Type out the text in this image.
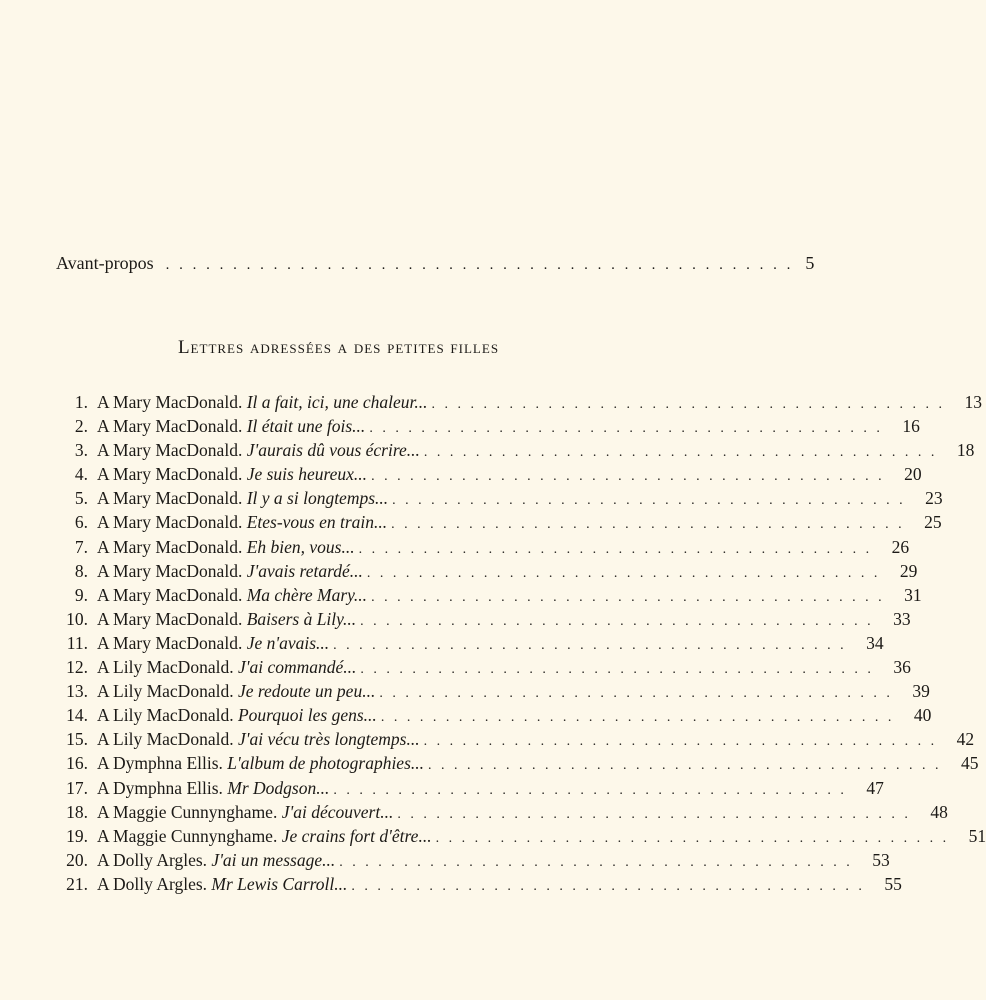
Avant-propos . . . . . . . . . . . . . . . . . . . . . . . . . . . . . . . . . . . . . . . . . . . . . . . 5
Lettres adressées a des petites filles
1. A Mary MacDonald. Il a fait, ici, une chaleur... . . . . . . . . . . . . . . . . . . . . . . . . . . . . . . . . . . . . . . . .	13
2. A Mary MacDonald. Il était une fois... . . . . . . . . . . . . . . . . . . . . . . . . . . . . . . . . . . . . . . . .	16
3. A Mary MacDonald. J'aurais dû vous écrire... . . . . . . . . . . . . . . . . . . . . . . . . . . . . . . . . . . . . . . . .	18
4. A Mary MacDonald. Je suis heureux... . . . . . . . . . . . . . . . . . . . . . . . . . . . . . . . . . . . . . . . .	20
5. A Mary MacDonald. Il y a si longtemps... . . . . . . . . . . . . . . . . . . . . . . . . . . . . . . . . . . . . . . . .	23
6. A Mary MacDonald. Etes-vous en train... . . . . . . . . . . . . . . . . . . . . . . . . . . . . . . . . . . . . . . . .	25
7. A Mary MacDonald. Eh bien, vous... . . . . . . . . . . . . . . . . . . . . . . . . . . . . . . . . . . . . . . . .	26
8. A Mary MacDonald. J'avais retardé... . . . . . . . . . . . . . . . . . . . . . . . . . . . . . . . . . . . . . . . .	29
9. A Mary MacDonald. Ma chère Mary... . . . . . . . . . . . . . . . . . . . . . . . . . . . . . . . . . . . . . . . .	31
10. A Mary MacDonald. Baisers à Lily... . . . . . . . . . . . . . . . . . . . . . . . . . . . . . . . . . . . . . . . .	33
11. A Mary MacDonald. Je n'avais... . . . . . . . . . . . . . . . . . . . . . . . . . . . . . . . . . . . . . . . .	34
12. A Lily MacDonald. J'ai commandé... . . . . . . . . . . . . . . . . . . . . . . . . . . . . . . . . . . . . . . . .	36
13. A Lily MacDonald. Je redoute un peu... . . . . . . . . . . . . . . . . . . . . . . . . . . . . . . . . . . . . . . . .	39
14. A Lily MacDonald. Pourquoi les gens... . . . . . . . . . . . . . . . . . . . . . . . . . . . . . . . . . . . . . . . .	40
15. A Lily MacDonald. J'ai vécu très longtemps... . . . . . . . . . . . . . . . . . . . . . . . . . . . . . . . . . . . . . . . .	42
16. A Dymphna Ellis. L'album de photographies... . . . . . . . . . . . . . . . . . . . . . . . . . . . . . . . . . . . . . . . .	45
17. A Dymphna Ellis. Mr Dodgson... . . . . . . . . . . . . . . . . . . . . . . . . . . . . . . . . . . . . . . . .	47
18. A Maggie Cunnynghame. J'ai découvert... . . . . . . . . . . . . . . . . . . . . . . . . . . . . . . . . . . . . . . . .	48
19. A Maggie Cunnynghame. Je crains fort d'être... . . . . . . . . . . . . . . . . . . . . . . . . . . . . . . . . . . . . . . . .	51
20. A Dolly Argles. J'ai un message... . . . . . . . . . . . . . . . . . . . . . . . . . . . . . . . . . . . . . . . .	53
21. A Dolly Argles. Mr Lewis Carroll... . . . . . . . . . . . . . . . . . . . . . . . . . . . . . . . . . . . . . . . .	55
